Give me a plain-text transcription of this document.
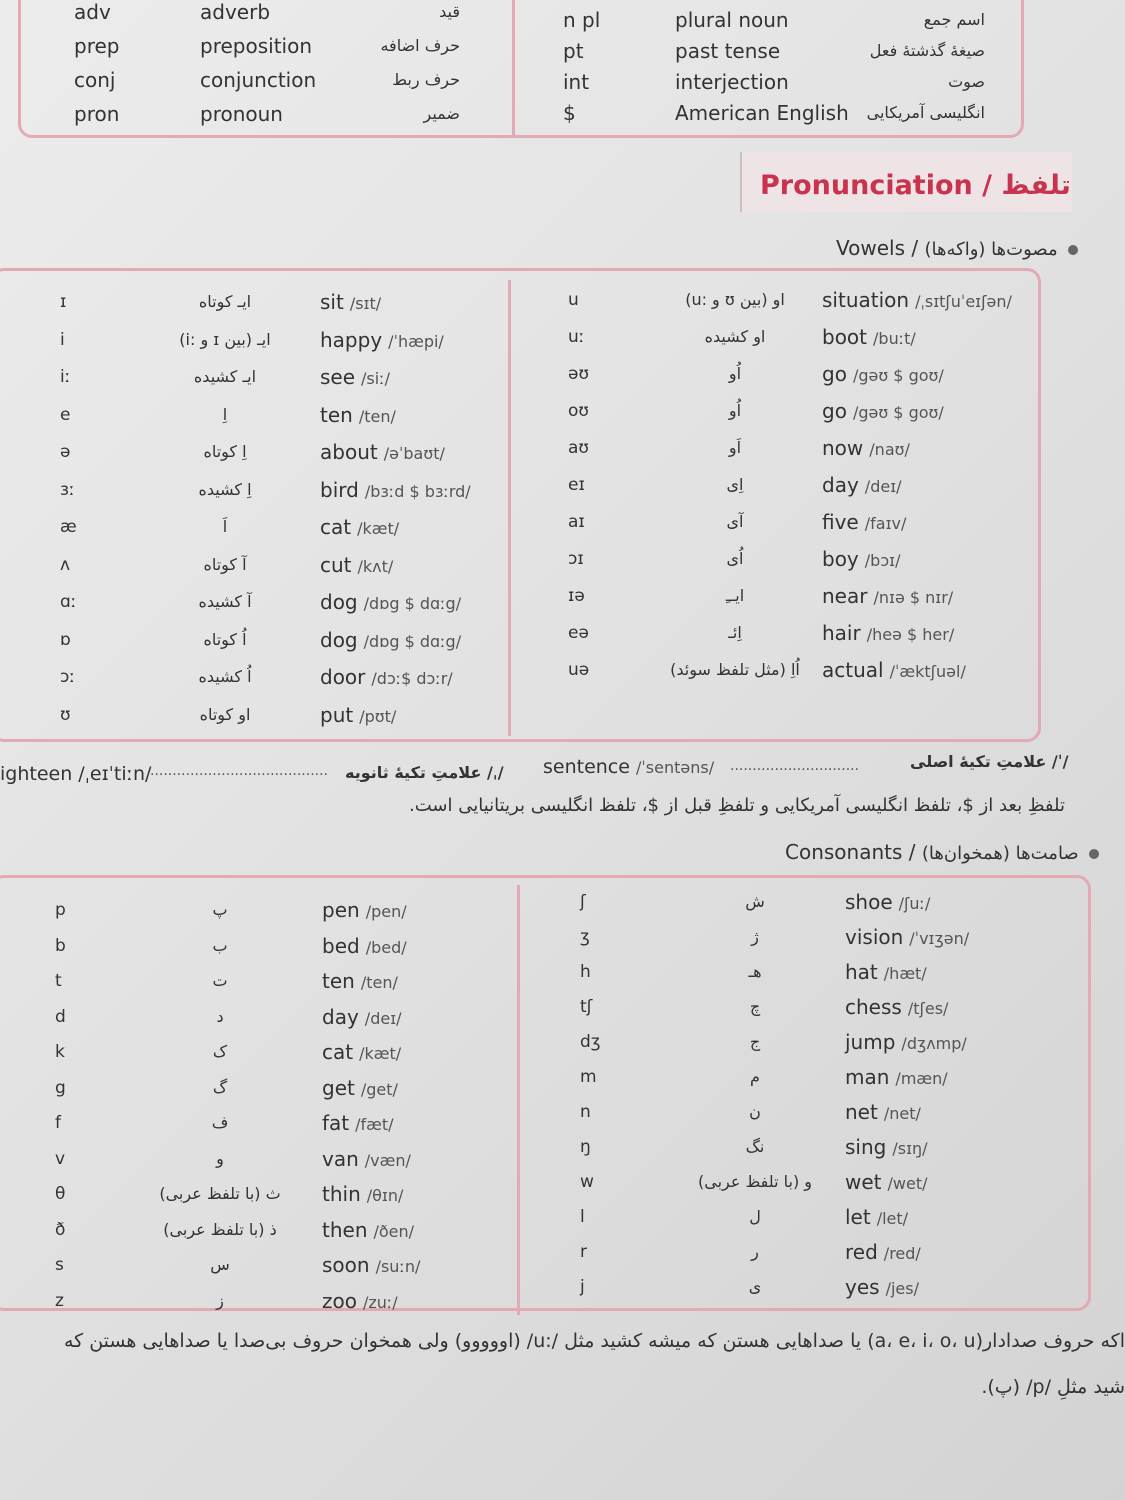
adv	adverb	قید
prep	preposition	حرف اضافه
conj	conjunction	حرف ربط
pron	pronoun	ضمیر
n pl	plural noun	اسم جمع
pt	past tense	صیغهٔ گذشتهٔ فعل
int	interjection	صوت
$	American English انگلیسی آمریکایی
Pronunciation / تلفظ
Vowels / مصوت‌ها (واکه‌ها)
ɪ	ایـ کوتاه	sit /sɪt/
i	ایـ (بین ɪ و :i)	happy /ˈhæpi/
iː	ایـ کشیده	see /siː/
e	اِ	ten /ten/
ə	اِ کوتاه	about /əˈbaʊt/
ɜː	اِ کشیده	bird /bɜːd $ bɜːrd/
æ	اَ	cat /kæt/
ʌ	آ کوتاه	cut /kʌt/
ɑː	آ کشیده	dog /dɒg $ dɑːg/
ɒ	اُ کوتاه	dog /dɒg $ dɑːg/
ɔː	اُ کشیده	door /dɔː$ dɔːr/
ʊ	او کوتاه	put /pʊt/
u	او (بین ʊ و :u)	situation /ˌsɪtʃuˈeɪʃən/
uː	او کشیده	boot /buːt/
əʊ	اُو	go /gəʊ $ goʊ/
oʊ	اُو	go /gəʊ $ goʊ/
aʊ	اَو	now /naʊ/
eɪ	اِی	day /deɪ/
aɪ	آی	five /faɪv/
ɔɪ	اُی	boy /bɔɪ/
ɪə	ایــِ	near /nɪə $ nɪr/
eə	اِئـ	hair /heə $ her/
uə	اُاِ (مثل تلفظ سوئد)	actual /ˈæktʃuəl/
ighteen /ˌeɪˈtiːn/
........................................ /ˌ/ علامتِ تکیهٔ ثانویه sentence /ˈsentəns/ .............................	/ˈ/ علامتِ تکیهٔ اصلی
تلفظِ بعد از $، تلفظ انگلیسی آمریکایی و تلفظِ قبل از $، تلفظ انگلیسی بریتانیایی است.
Consonants / صامت‌ها (همخوان‌ها)
p	پ	pen /pen/
b	ب	bed /bed/
t	ت	ten /ten/
d	د	day /deɪ/
k	ک	cat /kæt/
g	گ	get /get/
f	ف	fat /fæt/
v	و	van /væn/
θ	ث (با تلفظ عربی)	thin /θɪn/
ð	ذ (با تلفظ عربی)	then /ðen/
s	س	soon /suːn/
z	ز	zoo /zuː/
ʃ	ش	shoe /ʃuː/
ʒ	ژ	vision /ˈvɪʒən/
h	هـ	hat /hæt/
tʃ	چ	chess /tʃes/
dʒ	ج	jump /dʒʌmp/
m	م	man /mæn/
n	ن	net /net/
ŋ	نگ	sing /sɪŋ/
w	و (با تلفظ عربی)	wet /wet/
l	ل	let /let/
r	ر	red /red/
j	ی	yes /jes/
اکه حروف صدادار(a، e، i، o، u) یا صداهایی هستن که میشه کشید مثل /:u/ (اووووو) ولی همخوان حروف بی‌صدا یا صداهایی هستن که
شید مثلِ /p/ (پ).
